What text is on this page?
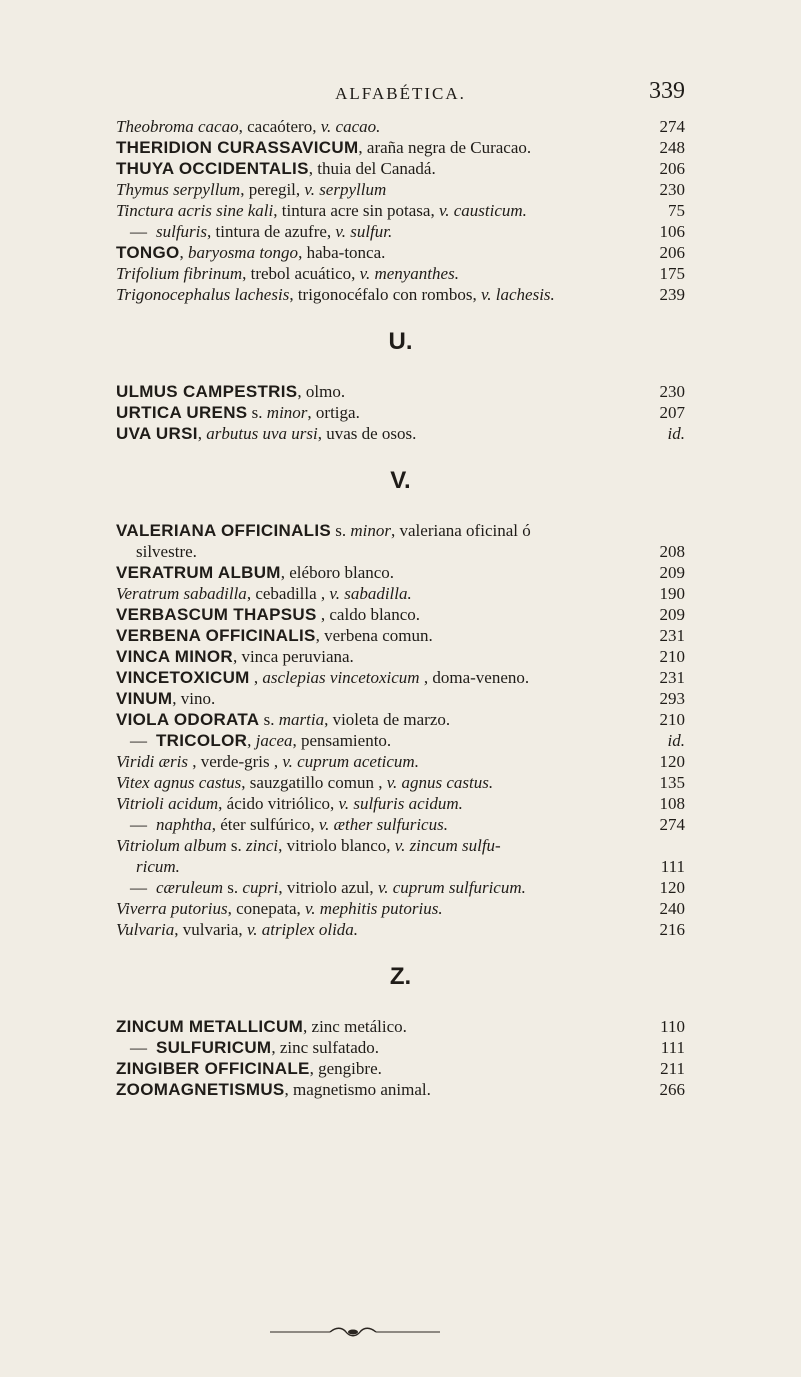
ALFABÉTICA.	339
Theobroma cacao, cacaótero, v. cacao.	274
THERIDION CURASSAVICUM, araña negra de Curacao.	248
THUYA OCCIDENTALIS, thuia del Canadá.	206
Thymus serpyllum, peregil, v. serpyllum	230
Tinctura acris sine kali, tintura acre sin potasa, v. causticum.	75
— sulfuris, tintura de azufre, v. sulfur.	106
TONGO, baryosma tongo, haba-tonca.	206
Trifolium fibrinum, trebol acuático, v. menyanthes.	175
Trigonocephalus lachesis, trigonocéfalo con rombos, v. lachesis.	239
U.
ULMUS CAMPESTRIS, olmo.	230
URTICA URENS s. minor, ortiga.	207
UVA URSI, arbutus uva ursi, uvas de osos.	id.
V.
VALERIANA OFFICINALIS s. minor, valeriana oficinal ó
silvestre.	208
VERATRUM ALBUM, eléboro blanco.	209
Veratrum sabadilla, cebadilla , v. sabadilla.	190
VERBASCUM THAPSUS , caldo blanco.	209
VERBENA OFFICINALIS, verbena comun.	231
VINCA MINOR, vinca peruviana.	210
VINCETOXICUM , asclepias vincetoxicum , doma-veneno.	231
VINUM, vino.	293
VIOLA ODORATA s. martia, violeta de marzo.	210
— TRICOLOR, jacea, pensamiento.	id.
Viridi æris , verde-gris , v. cuprum aceticum.	120
Vitex agnus castus, sauzgatillo comun , v. agnus castus.	135
Vitrioli acidum, ácido vitriólico, v. sulfuris acidum.	108
— naphtha, éter sulfúrico, v. æther sulfuricus.	274
Vitriolum album s. zinci, vitriolo blanco, v. zincum sulfu-
ricum.	111
— cæruleum s. cupri, vitriolo azul, v. cuprum sulfuricum.	120
Viverra putorius, conepata, v. mephitis putorius.	240
Vulvaria, vulvaria, v. atriplex olida.	216
Z.
ZINCUM METALLICUM, zinc metálico.	110
— SULFURICUM, zinc sulfatado.	111
ZINGIBER OFFICINALE, gengibre.	211
ZOOMAGNETISMUS, magnetismo animal.	266
